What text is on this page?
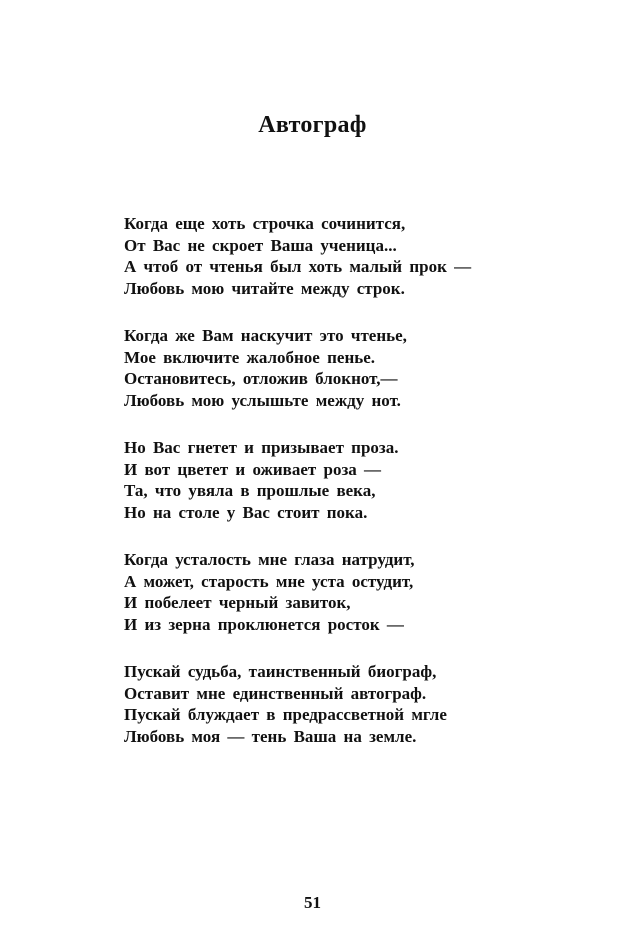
Автограф
Когда еще хоть строчка сочинится,
От Вас не скроет Ваша ученица...
А чтоб от чтенья был хоть малый прок —
Любовь мою читайте между строк.
Когда же Вам наскучит это чтенье,
Мое включите жалобное пенье.
Остановитесь, отложив блокнот,—
Любовь мою услышьте между нот.
Но Вас гнетет и призывает проза.
И вот цветет и оживает роза —
Та, что увяла в прошлые века,
Но на столе у Вас стоит пока.
Когда усталость мне глаза натрудит,
А может, старость мне уста остудит,
И побелеет черный завиток,
И из зерна проклюнется росток —
Пускай судьба, таинственный биограф,
Оставит мне единственный автограф.
Пускай блуждает в предрассветной мгле
Любовь моя — тень Ваша на земле.
51
